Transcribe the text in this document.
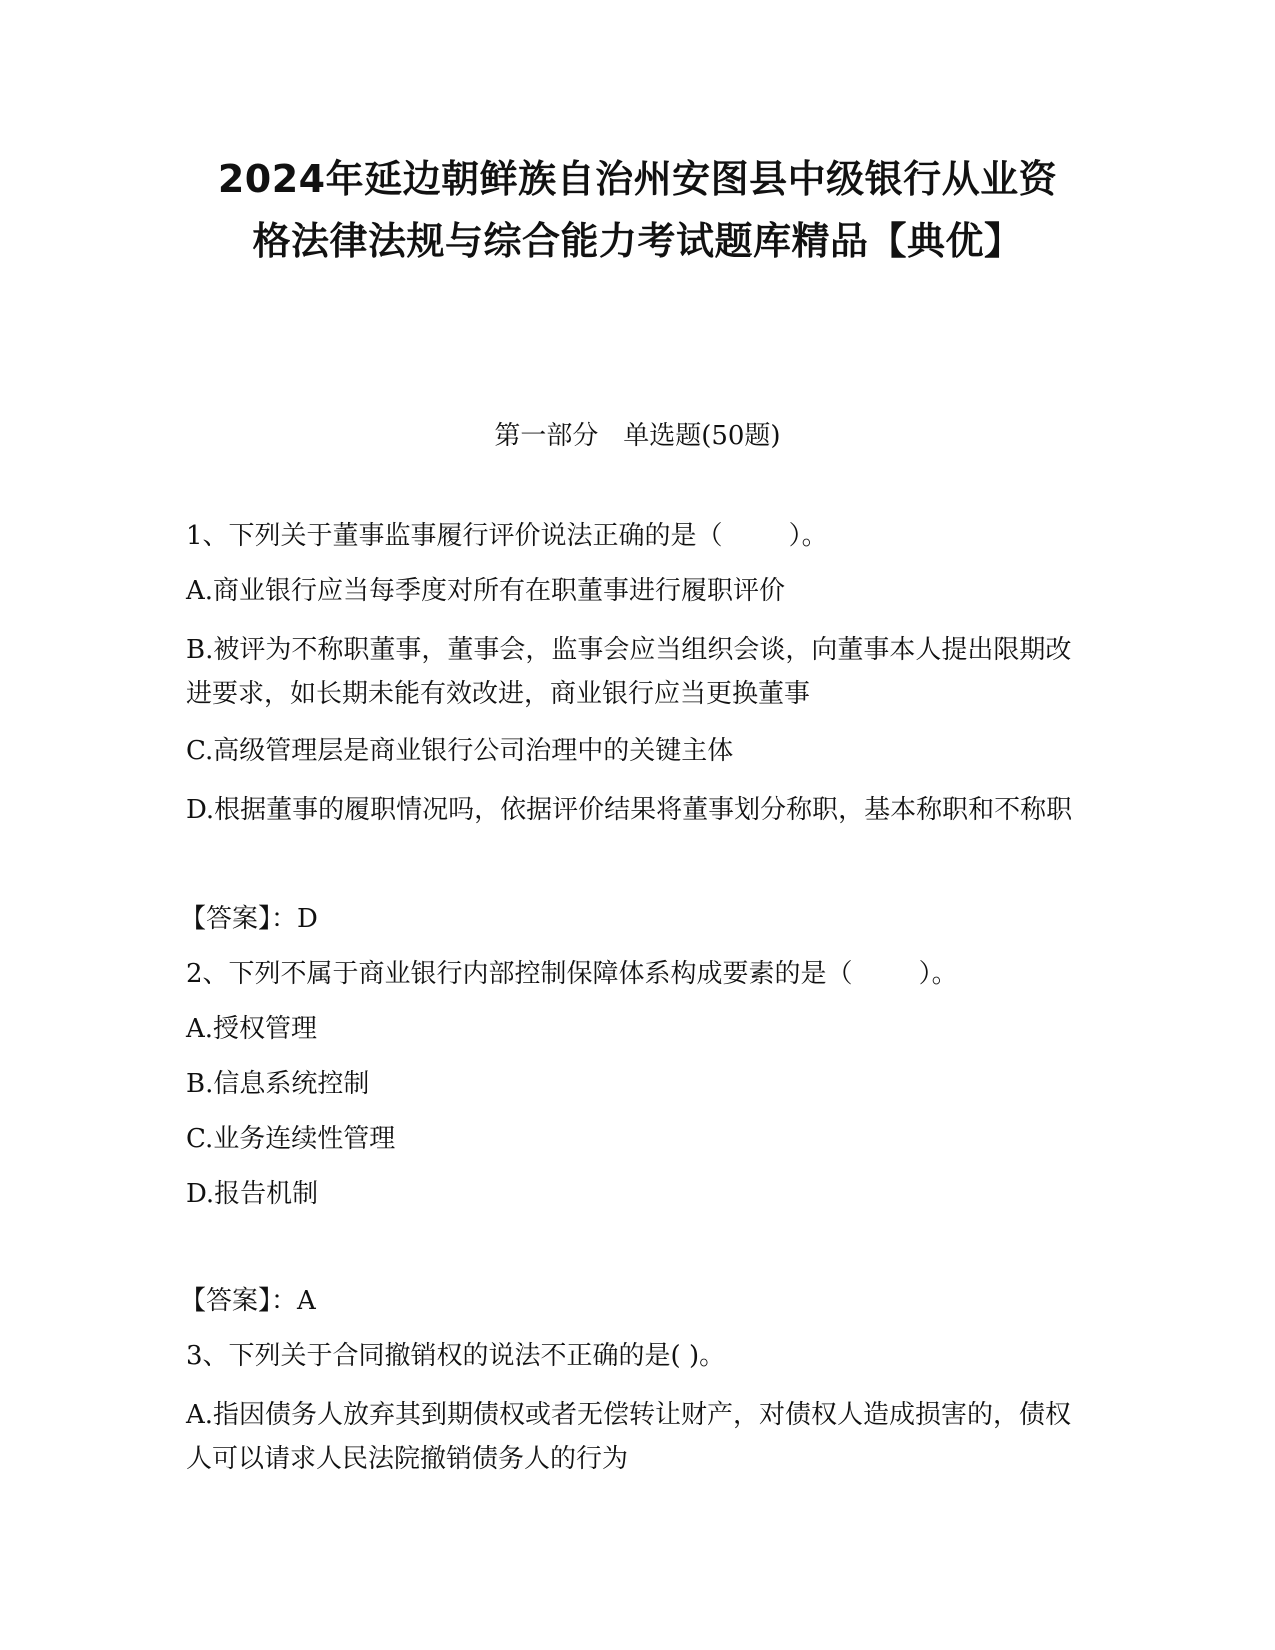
2024年延边朝鲜族自治州安图县中级银行从业资
格法律法规与综合能力考试题库精品【典优】
第一部分   单选题(50题)
1、下列关于董事监事履行评价说法正确的是（        ）。
A.商业银行应当每季度对所有在职董事进行履职评价
B.被评为不称职董事，董事会，监事会应当组织会谈，向董事本人提出限期改进要求，如长期未能有效改进，商业银行应当更换董事
C.高级管理层是商业银行公司治理中的关键主体
D.根据董事的履职情况吗，依据评价结果将董事划分称职，基本称职和不称职
【答案】：D
2、下列不属于商业银行内部控制保障体系构成要素的是（        ）。
A.授权管理
B.信息系统控制
C.业务连续性管理
D.报告机制
【答案】：A
3、下列关于合同撤销权的说法不正确的是( )。
A.指因债务人放弃其到期债权或者无偿转让财产，对债权人造成损害的，债权人可以请求人民法院撤销债务人的行为
